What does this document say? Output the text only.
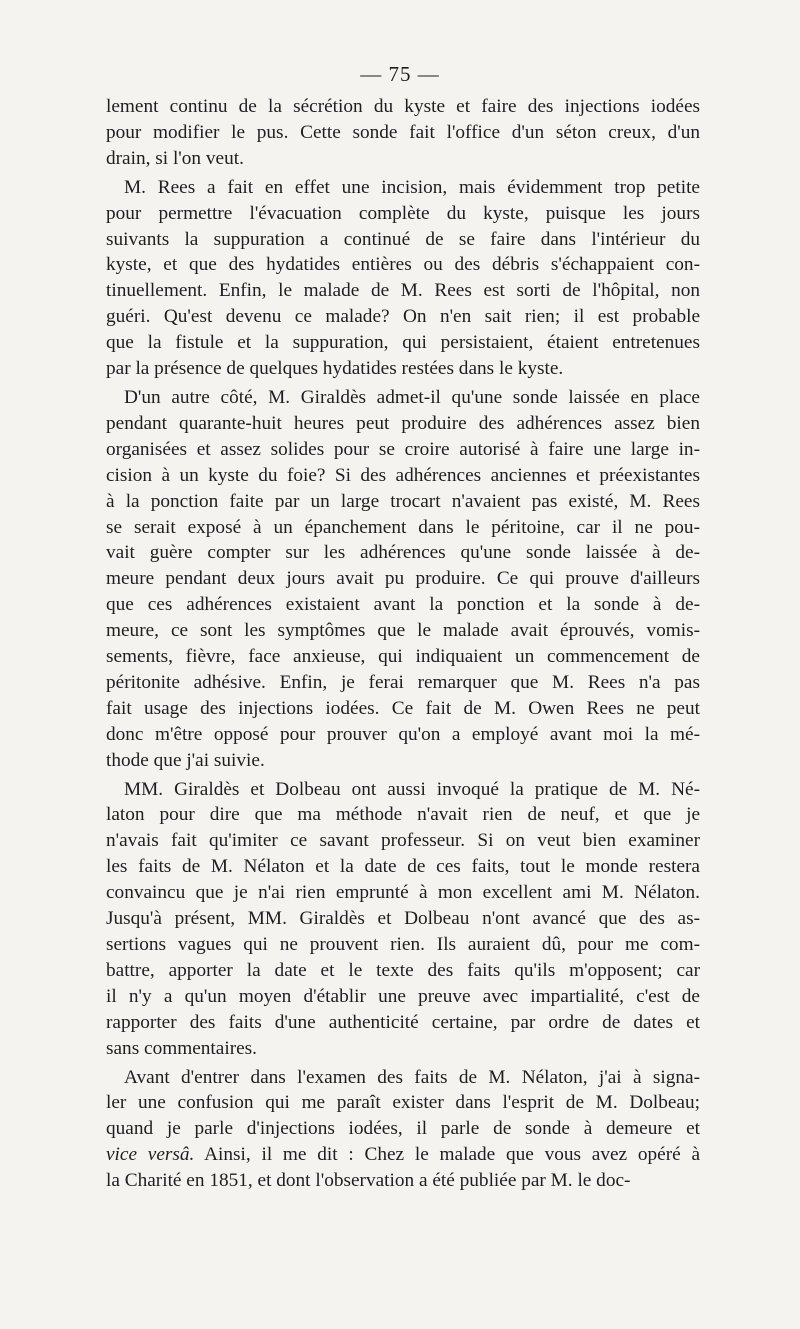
— 75 —
lement continu de la sécrétion du kyste et faire des injections iodées
pour modifier le pus. Cette sonde fait l'office d'un séton creux, d'un
drain, si l'on veut.
M. Rees a fait en effet une incision, mais évidemment trop petite
pour permettre l'évacuation complète du kyste, puisque les jours
suivants la suppuration a continué de se faire dans l'intérieur du
kyste, et que des hydatides entières ou des débris s'échappaient con-
tinuellement. Enfin, le malade de M. Rees est sorti de l'hôpital, non
guéri. Qu'est devenu ce malade? On n'en sait rien; il est probable
que la fistule et la suppuration, qui persistaient, étaient entretenues
par la présence de quelques hydatides restées dans le kyste.
D'un autre côté, M. Giraldès admet-il qu'une sonde laissée en place
pendant quarante-huit heures peut produire des adhérences assez bien
organisées et assez solides pour se croire autorisé à faire une large in-
cision à un kyste du foie? Si des adhérences anciennes et préexistantes
à la ponction faite par un large trocart n'avaient pas existé, M. Rees
se serait exposé à un épanchement dans le péritoine, car il ne pou-
vait guère compter sur les adhérences qu'une sonde laissée à de-
meure pendant deux jours avait pu produire. Ce qui prouve d'ailleurs
que ces adhérences existaient avant la ponction et la sonde à de-
meure, ce sont les symptômes que le malade avait éprouvés, vomis-
sements, fièvre, face anxieuse, qui indiquaient un commencement de
péritonite adhésive. Enfin, je ferai remarquer que M. Rees n'a pas
fait usage des injections iodées. Ce fait de M. Owen Rees ne peut
donc m'être opposé pour prouver qu'on a employé avant moi la mé-
thode que j'ai suivie.
MM. Giraldès et Dolbeau ont aussi invoqué la pratique de M. Né-
laton pour dire que ma méthode n'avait rien de neuf, et que je
n'avais fait qu'imiter ce savant professeur. Si on veut bien examiner
les faits de M. Nélaton et la date de ces faits, tout le monde restera
convaincu que je n'ai rien emprunté à mon excellent ami M. Nélaton.
Jusqu'à présent, MM. Giraldès et Dolbeau n'ont avancé que des as-
sertions vagues qui ne prouvent rien. Ils auraient dû, pour me com-
battre, apporter la date et le texte des faits qu'ils m'opposent; car
il n'y a qu'un moyen d'établir une preuve avec impartialité, c'est de
rapporter des faits d'une authenticité certaine, par ordre de dates et
sans commentaires.
Avant d'entrer dans l'examen des faits de M. Nélaton, j'ai à signa-
ler une confusion qui me paraît exister dans l'esprit de M. Dolbeau;
quand je parle d'injections iodées, il parle de sonde à demeure et
vice versâ. Ainsi, il me dit : Chez le malade que vous avez opéré à
la Charité en 1851, et dont l'observation a été publiée par M. le doc-
